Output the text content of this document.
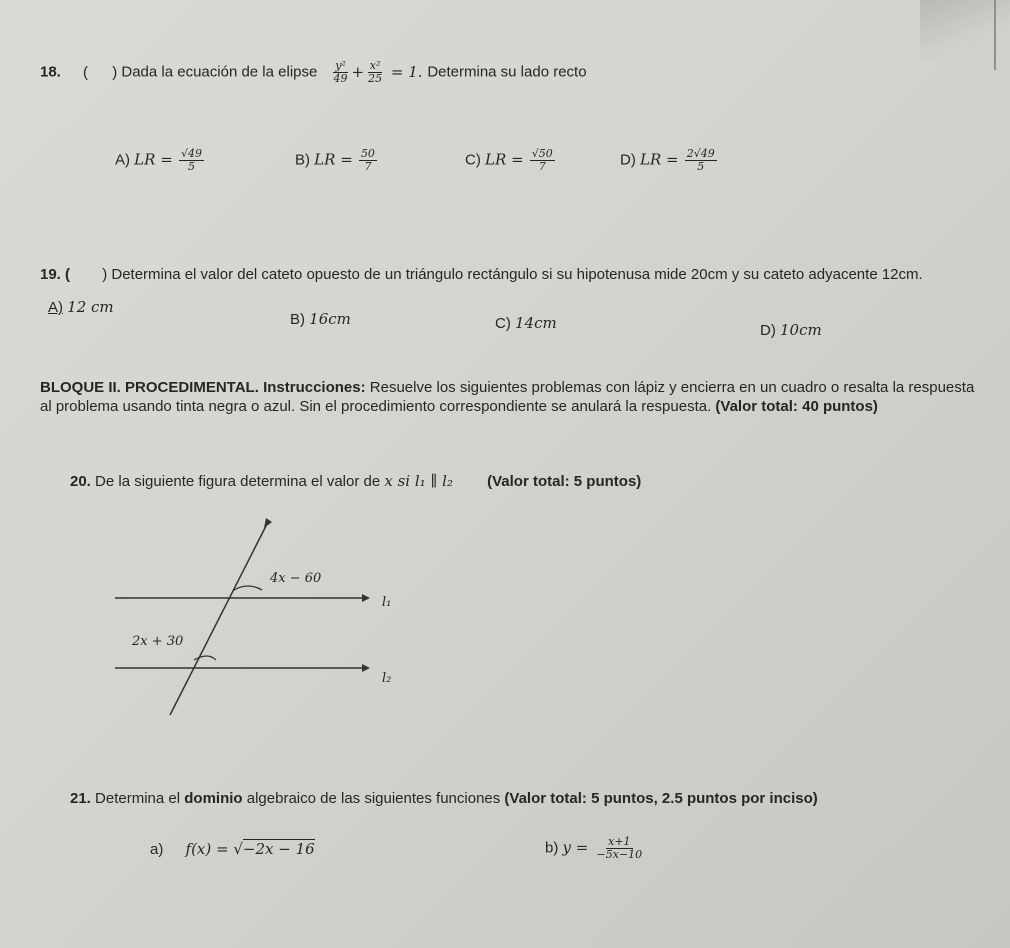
18. ( ) Dada la ecuación de la elipse $\frac{\text{y²}}{49} + \frac{\text{x²}}{25} = 1$. Determina su lado recto
A) LR = $\frac{√49}{5}$	B) LR = $\frac{50}{7}$	C) LR = $\frac{√50}{7}$	D) LR = $\frac{2√49}{5}$
19. ( ) Determina el valor del cateto opuesto de un triángulo rectángulo si su hipotenusa mide 20cm y su cateto adyacente 12cm.
A) 12 cm
B) 16cm	C) 14cm	D) 10cm
BLOQUE II. PROCEDIMENTAL. Instrucciones: Resuelve los siguientes problemas con lápiz y encierra en un cuadro o resalta la respuesta al problema usando tinta negra o azul. Sin el procedimiento correspondiente se anulará la respuesta. (Valor total: 40 puntos)
20. De la siguiente figura determina el valor de x si l₁ ∥ l₂ (Valor total: 5 puntos)
4x − 60
2x + 30
l₁
l₂
21. Determina el dominio algebraico de las siguientes funciones (Valor total: 5 puntos, 2.5 puntos por inciso)
a) f(x) = √−2x − 16	b) $y = \frac{x+1}{-5x-10}$
